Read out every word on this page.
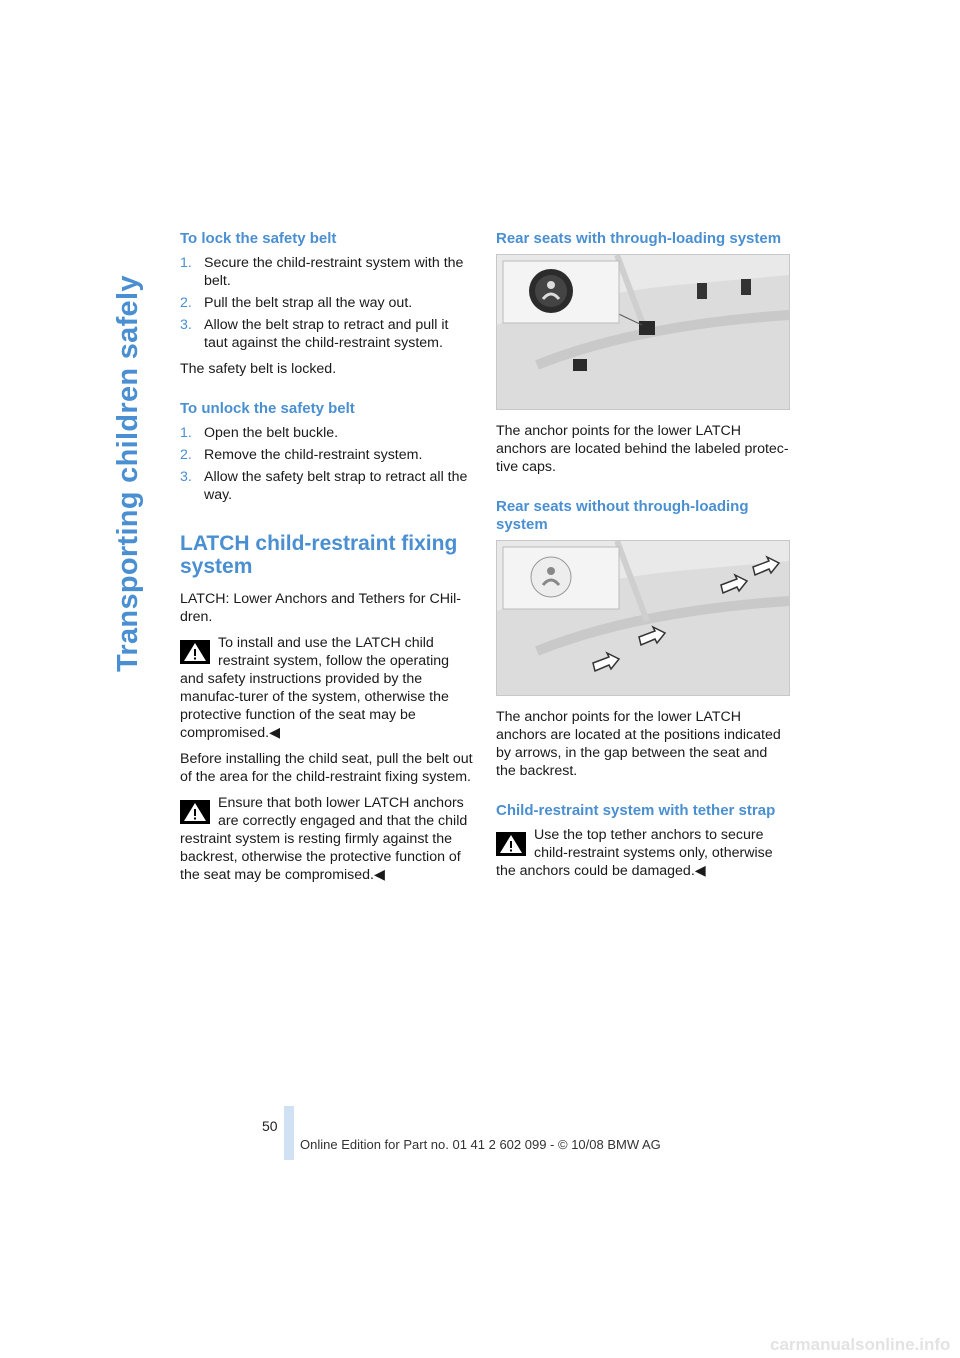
Transporting children safely
To lock the safety belt
1. Secure the child-restraint system with the belt.
2. Pull the belt strap all the way out.
3. Allow the belt strap to retract and pull it taut against the child-restraint system.

The safety belt is locked.

To unlock the safety belt
1. Open the belt buckle.
2. Remove the child-restraint system.
3. Allow the safety belt strap to retract all the way.
LATCH child-restraint fixing system

LATCH: Lower Anchors and Tethers for CHil-dren.

To install and use the LATCH child restraint system, follow the operating and safety instructions provided by the manufac-turer of the system, otherwise the protective function of the seat may be compromised.◀

Before installing the child seat, pull the belt out of the area for the child-restraint fixing system.

Ensure that both lower LATCH anchors are correctly engaged and that the child restraint system is resting firmly against the backrest, otherwise the protective function of the seat may be compromised.◀
Rear seats with through-loading system

The anchor points for the lower LATCH anchors are located behind the labeled protec-tive caps.

Rear seats without through-loading system

The anchor points for the lower LATCH anchors are located at the positions indicated by arrows, in the gap between the seat and the backrest.

Child-restraint system with tether strap
Use the top tether anchors to secure child-restraint systems only, otherwise the anchors could be damaged.◀
50
Online Edition for Part no. 01 41 2 602 099 - © 10/08 BMW AG
carmanualsonline.info
